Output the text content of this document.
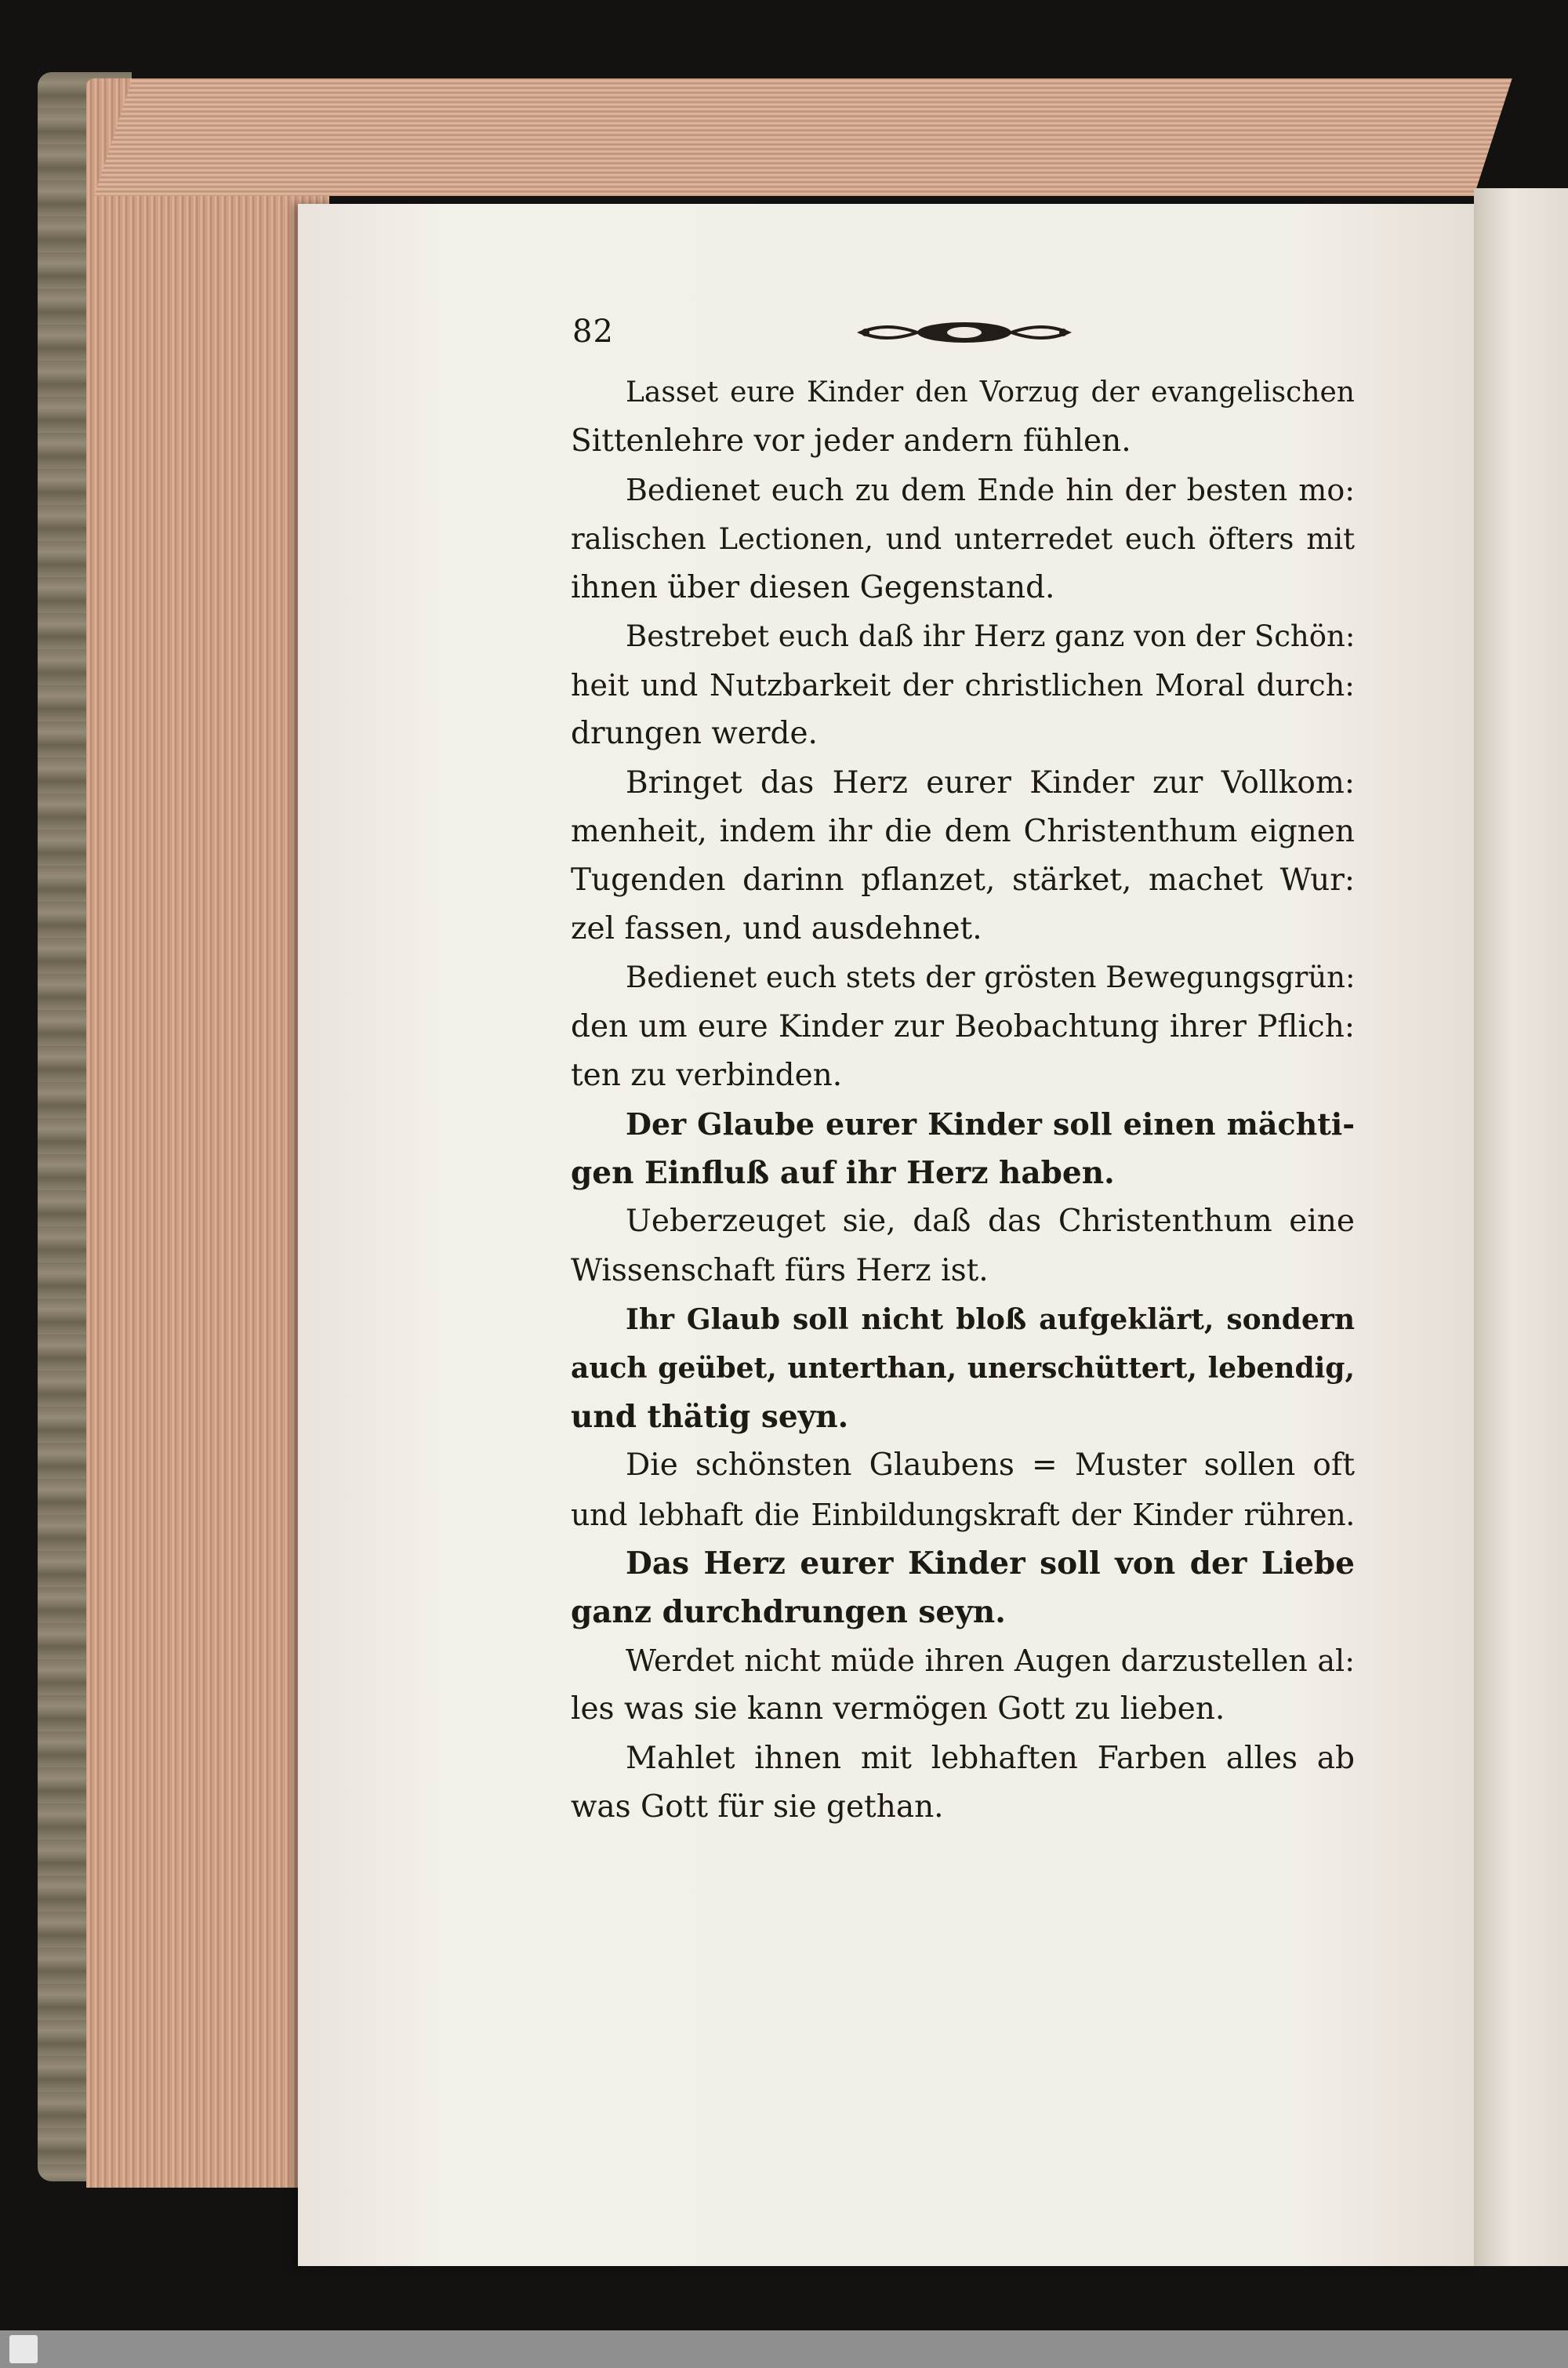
82
Lasset eure Kinder den Vorzug der evangelischen
Sittenlehre vor jeder andern fühlen.
Bedienet euch zu dem Ende hin der besten mo:
ralischen Lectionen, und unterredet euch öfters mit
ihnen über diesen Gegenstand.
Bestrebet euch daß ihr Herz ganz von der Schön:
heit und Nutzbarkeit der christlichen Moral durch:
drungen werde.
Bringet das Herz eurer Kinder zur Vollkom:
menheit, indem ihr die dem Christenthum eignen
Tugenden darinn pflanzet, stärket, machet Wur:
zel fassen, und ausdehnet.
Bedienet euch stets der grösten Bewegungsgrün:
den um eure Kinder zur Beobachtung ihrer Pflich:
ten zu verbinden.
Der Glaube eurer Kinder soll einen mächti-
gen Einfluß auf ihr Herz haben.
Ueberzeuget sie, daß das Christenthum eine
Wissenschaft fürs Herz ist.
Ihr Glaub soll nicht bloß aufgeklärt, sondern
auch geübet, unterthan, unerschüttert, lebendig,
und thätig seyn.
Die schönsten Glaubens = Muster sollen oft
und lebhaft die Einbildungskraft der Kinder rühren.
Das Herz eurer Kinder soll von der Liebe
ganz durchdrungen seyn.
Werdet nicht müde ihren Augen darzustellen al:
les was sie kann vermögen Gott zu lieben.
Mahlet ihnen mit lebhaften Farben alles ab
was Gott für sie gethan.
